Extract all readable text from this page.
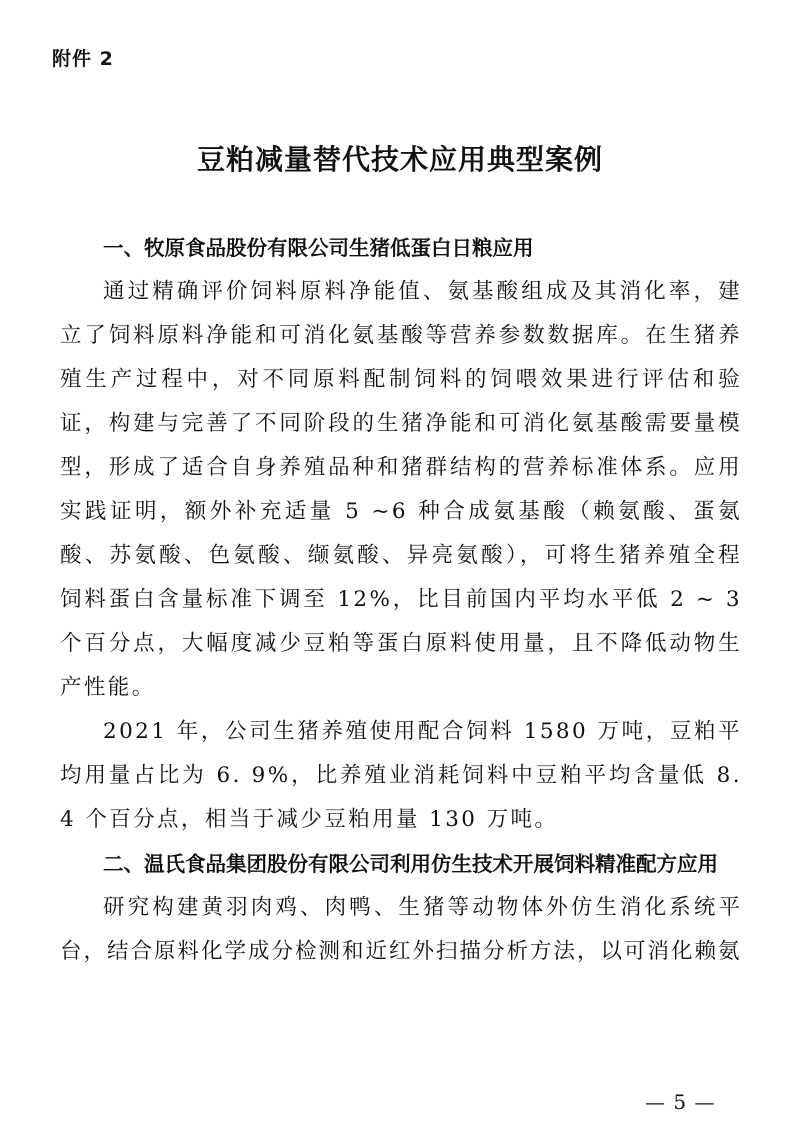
附件 2
豆粕减量替代技术应用典型案例

一、牧原食品股份有限公司生猪低蛋白日粮应用

通过精确评价饲料原料净能值、氨基酸组成及其消化率，建立了饲料原料净能和可消化氨基酸等营养参数数据库。在生猪养殖生产过程中，对不同原料配制饲料的饲喂效果进行评估和验证，构建与完善了不同阶段的生猪净能和可消化氨基酸需要量模型，形成了适合自身养殖品种和猪群结构的营养标准体系。应用实践证明，额外补充适量 5 ~6 种合成氨基酸（赖氨酸、蛋氨酸、苏氨酸、色氨酸、缬氨酸、异亮氨酸），可将生猪养殖全程饲料蛋白含量标准下调至 12%，比目前国内平均水平低 2 ~ 3 个百分点，大幅度减少豆粕等蛋白原料使用量，且不降低动物生产性能。

2021 年，公司生猪养殖使用配合饲料 1580 万吨，豆粕平均用量占比为 6. 9%，比养殖业消耗饲料中豆粕平均含量低 8. 4 个百分点，相当于减少豆粕用量 130 万吨。

二、温氏食品集团股份有限公司利用仿生技术开展饲料精准配方应用

研究构建黄羽肉鸡、肉鸭、生猪等动物体外仿生消化系统平台，结合原料化学成分检测和近红外扫描分析方法，以可消化赖氨

— 5 —
